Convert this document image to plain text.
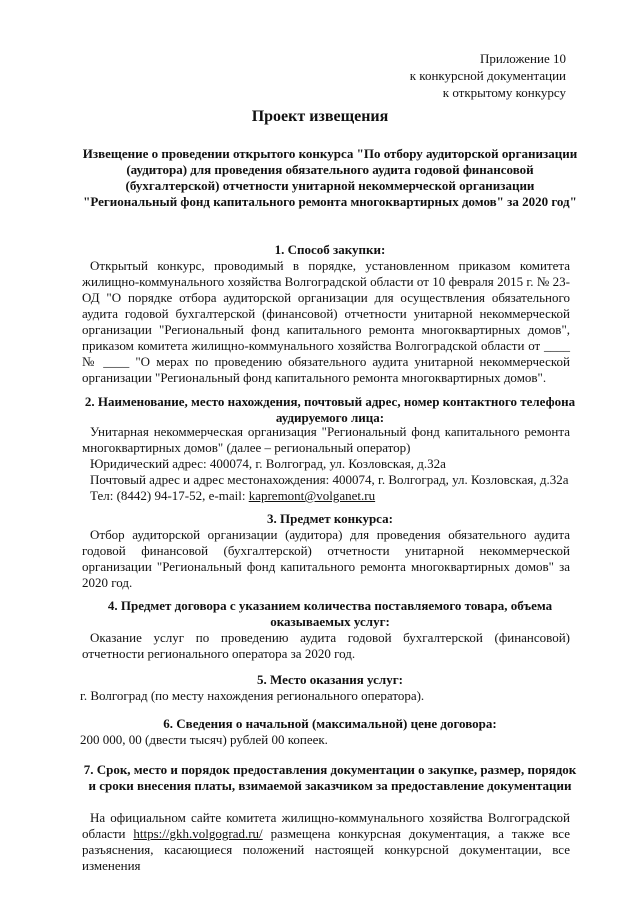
Приложение 10
к конкурсной документации
к открытому конкурсу
Проект извещения
Извещение о проведении открытого конкурса "По отбору аудиторской организации (аудитора) для проведения обязательного аудита годовой финансовой (бухгалтерской) отчетности унитарной некоммерческой организации "Региональный фонд капитального ремонта многоквартирных домов" за 2020 год"
1. Способ закупки:
Открытый конкурс, проводимый в порядке, установленном приказом комитета жилищно-коммунального хозяйства Волгоградской области от 10 февраля 2015 г. № 23-ОД "О порядке отбора аудиторской организации для осуществления обязательного аудита годовой бухгалтерской (финансовой) отчетности унитарной некоммерческой организации "Региональный фонд капитального ремонта многоквартирных домов", приказом комитета жилищно-коммунального хозяйства Волгоградской области от ____ № ____ "О мерах по проведению обязательного аудита унитарной некоммерческой организации "Региональный фонд капитального ремонта многоквартирных домов".
2. Наименование, место нахождения, почтовый адрес, номер контактного телефона аудируемого лица:
Унитарная некоммерческая организация "Региональный фонд капитального ремонта многоквартирных домов" (далее – региональный оператор)
Юридический адрес: 400074, г. Волгоград, ул. Козловская, д.32а
Почтовый адрес и адрес местонахождения: 400074, г. Волгоград, ул. Козловская, д.32а
Тел: (8442) 94-17-52, e-mail: kapremont@volganet.ru
3. Предмет конкурса:
Отбор аудиторской организации (аудитора) для проведения обязательного аудита годовой финансовой (бухгалтерской) отчетности унитарной некоммерческой организации "Региональный фонд капитального ремонта многоквартирных домов" за 2020 год.
4. Предмет договора с указанием количества поставляемого товара, объема оказываемых услуг:
Оказание услуг по проведению аудита годовой бухгалтерской (финансовой) отчетности регионального оператора за 2020 год.
5. Место оказания услуг:
г. Волгоград (по месту нахождения регионального оператора).
6. Сведения о начальной (максимальной) цене договора:
200 000, 00 (двести тысяч) рублей 00 копеек.
7. Срок, место и порядок предоставления документации о закупке, размер, порядок и сроки внесения платы, взимаемой заказчиком за предоставление документации
На официальном сайте комитета жилищно-коммунального хозяйства Волгоградской области https://gkh.volgograd.ru/ размещена конкурсная документация, а также все разъяснения, касающиеся положений настоящей конкурсной документации, все изменения
